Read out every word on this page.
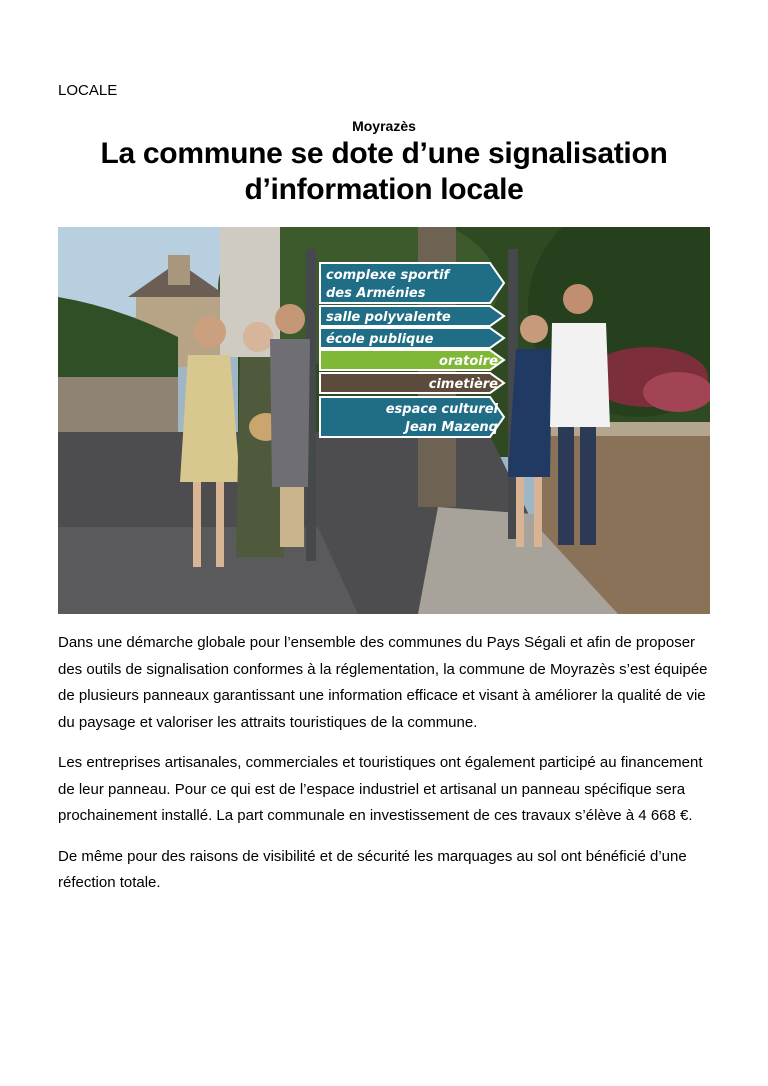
LOCALE
Moyrazès
La commune se dote d’une signalisation
d’information locale
complexe sportif
des Arménies
salle polyvalente
école publique
oratoire
cimetière
espace culturel
Jean Mazenq

Dans une démarche globale pour l’ensemble des communes du Pays Ségali et afin de proposer des outils de signalisation conformes à la réglementation, la commune de Moyrazès s’est équipée de plusieurs panneaux garantissant une information efficace et visant à améliorer la qualité de vie du paysage et valoriser les attraits touristiques de la commune.

Les entreprises artisanales, commerciales et touristiques ont également participé au financement de leur panneau. Pour ce qui est de l’espace industriel et artisanal un panneau spécifique sera prochainement installé. La part communale en investissement de ces travaux s’élève à 4 668 €.

De même pour des raisons de visibilité et de sécurité les marquages au sol ont bénéficié d’une réfection totale.
